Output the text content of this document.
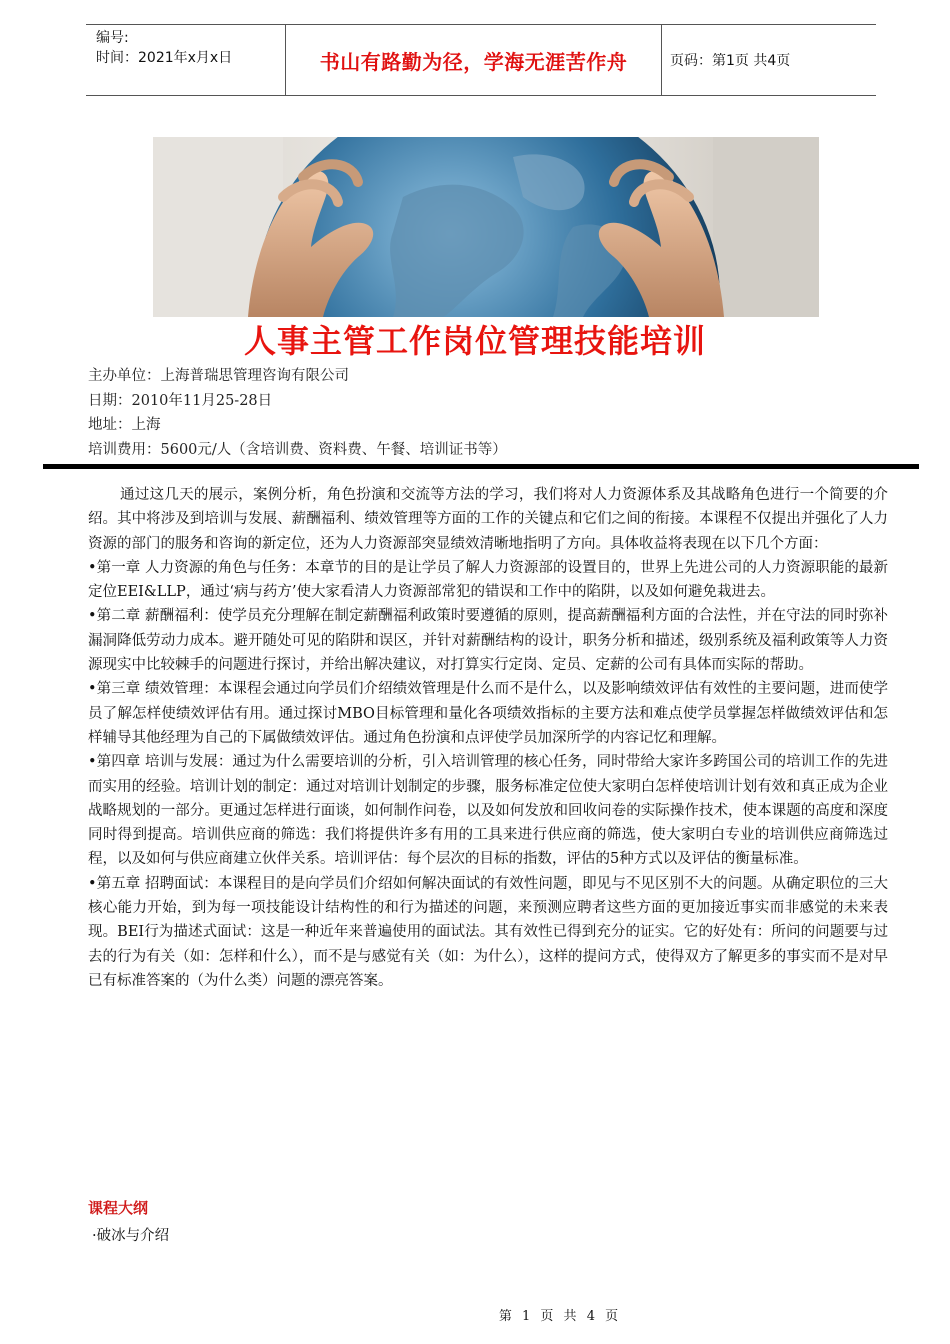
编号:
时间：2021年x月x日	书山有路勤为径，学海无涯苦作舟	页码：第1页 共4页
人事主管工作岗位管理技能培训
主办单位：上海普瑞思管理咨询有限公司
日期：2010年11月25-28日
地址：上海
培训费用：5600元/人（含培训费、资料费、午餐、培训证书等）

通过这几天的展示，案例分析，角色扮演和交流等方法的学习，我们将对人力资源体系及其战略角色进行一个简要的介绍。其中将涉及到培训与发展、薪酬福利、绩效管理等方面的工作的关键点和它们之间的衔接。本课程不仅提出并强化了人力资源的部门的服务和咨询的新定位，还为人力资源部突显绩效清晰地指明了方向。具体收益将表现在以下几个方面：

•第一章 人力资源的角色与任务：本章节的目的是让学员了解人力资源部的设置目的，世界上先进公司的人力资源职能的最新定位EEI&LLP，通过‘病与药方’使大家看清人力资源部常犯的错误和工作中的陷阱，以及如何避免栽进去。

•第二章 薪酬福利：使学员充分理解在制定薪酬福利政策时要遵循的原则，提高薪酬福利方面的合法性，并在守法的同时弥补漏洞降低劳动力成本。避开随处可见的陷阱和误区，并针对薪酬结构的设计，职务分析和描述，级别系统及福利政策等人力资源现实中比较棘手的问题进行探讨，并给出解决建议，对打算实行定岗、定员、定薪的公司有具体而实际的帮助。

•第三章 绩效管理：本课程会通过向学员们介绍绩效管理是什么而不是什么，以及影响绩效评估有效性的主要问题，进而使学员了解怎样使绩效评估有用。通过探讨MBO目标管理和量化各项绩效指标的主要方法和难点使学员掌握怎样做绩效评估和怎样辅导其他经理为自己的下属做绩效评估。通过角色扮演和点评使学员加深所学的内容记忆和理解。

•第四章 培训与发展：通过为什么需要培训的分析，引入培训管理的核心任务，同时带给大家许多跨国公司的培训工作的先进而实用的经验。培训计划的制定：通过对培训计划制定的步骤，服务标准定位使大家明白怎样使培训计划有效和真正成为企业战略规划的一部分。更通过怎样进行面谈，如何制作问卷，以及如何发放和回收问卷的实际操作技术，使本课题的高度和深度同时得到提高。培训供应商的筛选：我们将提供许多有用的工具来进行供应商的筛选，使大家明白专业的培训供应商筛选过程，以及如何与供应商建立伙伴关系。培训评估：每个层次的目标的指数，评估的5种方式以及评估的衡量标准。

•第五章 招聘面试：本课程目的是向学员们介绍如何解决面试的有效性问题，即见与不见区别不大的问题。从确定职位的三大核心能力开始，到为每一项技能设计结构性的和行为描述的问题，来预测应聘者这些方面的更加接近事实而非感觉的未来表现。BEI行为描述式面试：这是一种近年来普遍使用的面试法。其有效性已得到充分的证实。它的好处有：所问的问题要与过去的行为有关（如：怎样和什么），而不是与感觉有关（如：为什么），这样的提问方式，使得双方了解更多的事实而不是对早已有标准答案的（为什么类）问题的漂亮答案。

课程大纲
·破冰与介绍
第 1 页 共 4 页
